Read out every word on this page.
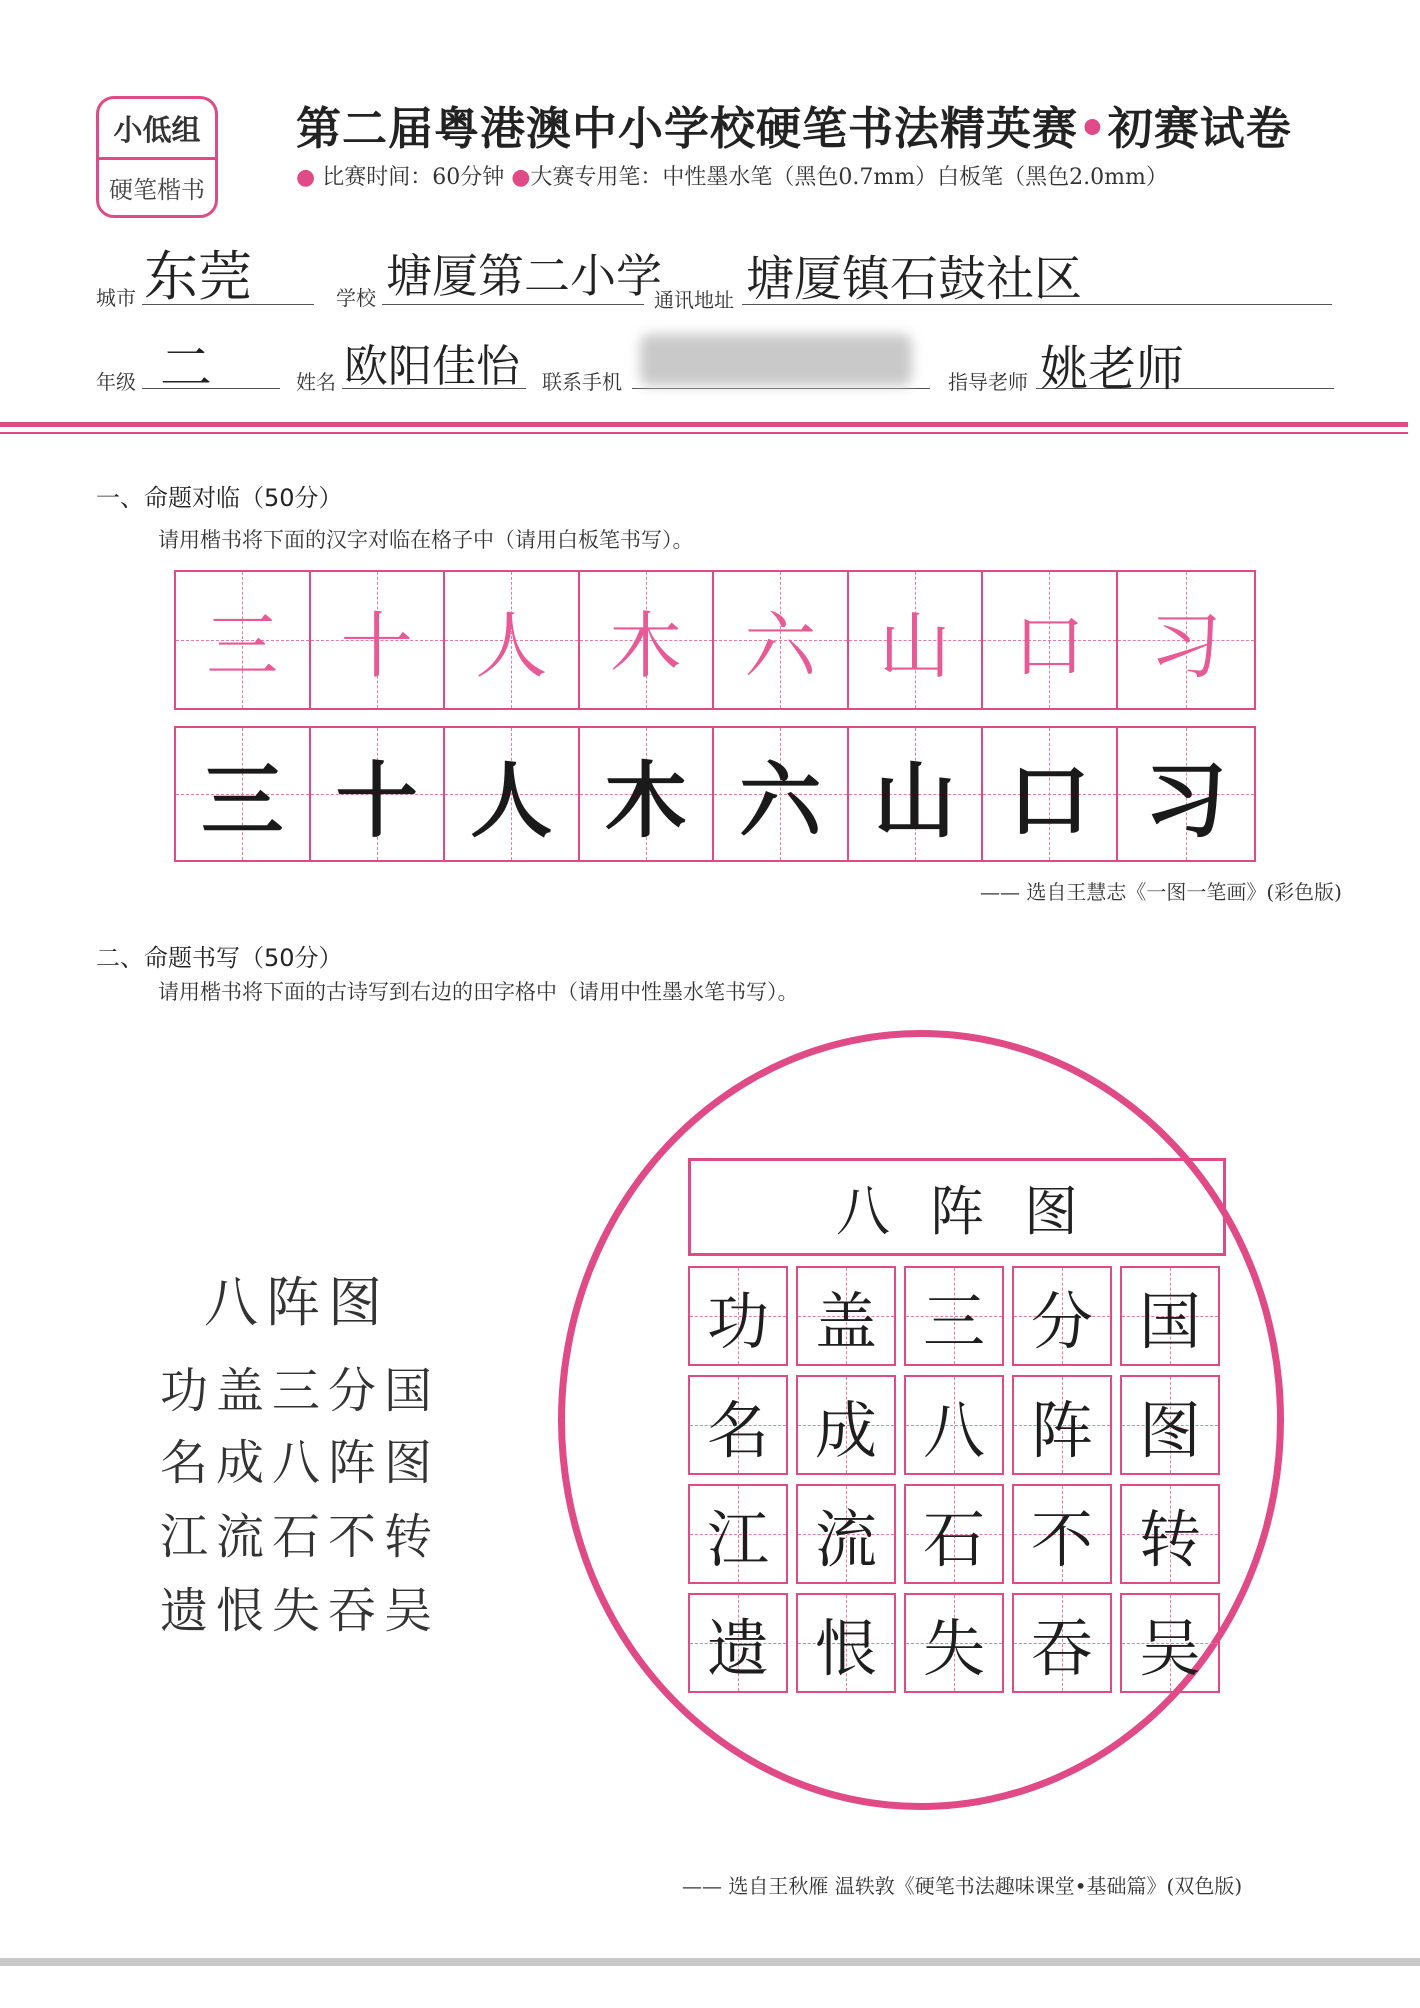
小低组
硬笔楷书
第二届粤港澳中小学校硬笔书法精英赛•初赛试卷
● 比赛时间：60分钟 ●大赛专用笔：中性墨水笔（黑色0.7mm）白板笔（黑色2.0mm）
城市 东莞	学校 塘厦第二小学
通讯地址 塘厦镇石鼓社区
年级 二	姓名 欧阳佳怡 联系手机	指导老师 姚老师
一、命题对临（50分）
请用楷书将下面的汉字对临在格子中（请用白板笔书写）。
三 十 人 木 六 山 口 习
三 十 人 木 六 山 口 习
—— 选自王慧志《一图一笔画》(彩色版)
二、命题书写（50分）
请用楷书将下面的古诗写到右边的田字格中（请用中性墨水笔书写）。
八阵图
功盖三分国
名成八阵图
江流石不转
遗恨失吞吴
八阵图
功 盖 三 分 国
名 成 八 阵 图
江 流 石 不 转
遗 恨 失 吞 吴
—— 选自王秋雁 温轶敦《硬笔书法趣味课堂•基础篇》(双色版)
